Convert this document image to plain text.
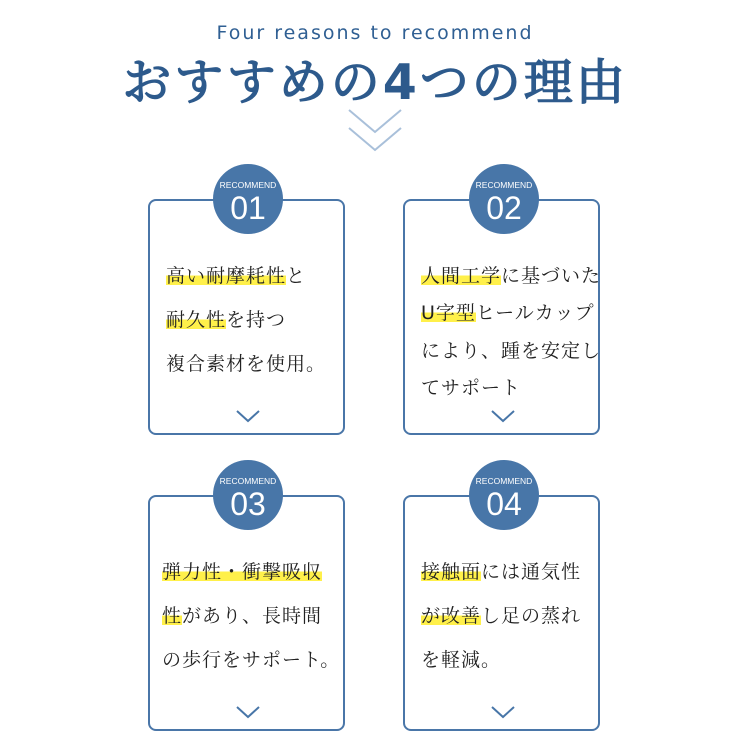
Four reasons to recommend
おすすめの4つの理由
高い耐摩耗性と
耐久性を持つ
複合素材を使用。
RECOMMEND
01
人間工学に基づいた
U字型ヒールカップ
により、踵を安定し
てサポート
RECOMMEND
02
弾力性・衝撃吸収
性があり、長時間
の歩行をサポート。
RECOMMEND
03
接触面には通気性
が改善し足の蒸れ
を軽減。
RECOMMEND
04
